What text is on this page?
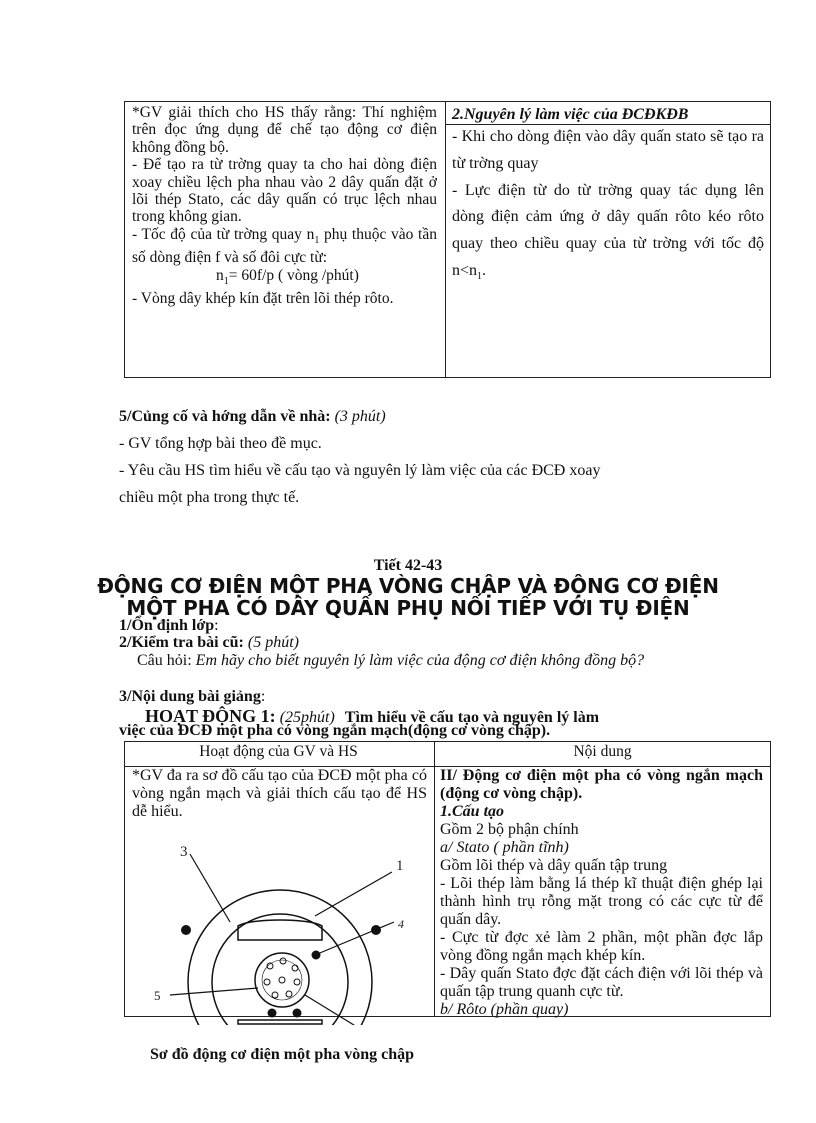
*GV giải thích cho HS thấy rằng: Thí nghiệm trên đọc ứng dụng để chế tạo động cơ điện không đồng bộ.

- Để tạo ra từ trờng quay ta cho hai dòng điện xoay chiều lệch pha nhau vào 2 dây quấn đặt ở lõi thép Stato, các dây quấn có trục lệch nhau trong không gian.

- Tốc độ của từ trờng quay $n_1$ phụ thuộc vào tần số dòng điện f và số đôi cực từ:

$n_1= 60f/p$ ( vòng /phút)

- Vòng dây khép kín đặt trên lõi thép rôto.

2.Nguyên lý làm việc của ĐCĐKĐB

- Khi cho dòng điện vào dây quấn stato sẽ tạo ra từ trờng quay

- Lực điện từ do từ trờng quay tác dụng lên dòng điện cảm ứng ở dây quấn rôto kéo rôto quay theo chiều quay của từ trờng với tốc độ $n<n_1$.

5/Củng cố và hớng dẫn về nhà: (3 phút)
- GV tổng hợp bài theo đề mục.
- Yêu cầu HS tìm hiểu về cấu tạo và nguyên lý làm việc của các ĐCĐ xoay
chiều một pha trong thực tế.
Tiết 42-43
ĐỘNG CƠ ĐIỆN MỘT PHA VÒNG CHẬP VÀ ĐỘNG CƠ ĐIỆN
MỘT PHA CÓ DÂY QUẤN PHỤ NỐI TIẾP VỚI TỤ ĐIỆN
1/Ổn định lớp:
2/Kiểm tra bài cũ: (5 phút)
Câu hỏi: Em hãy cho biết nguyên lý làm việc của động cơ điện không đồng bộ?
3/Nội dung bài giảng:
HOẠT ĐỘNG 1: (25phút) Tìm hiểu về cấu tạo và nguyên lý làm
việc của ĐCĐ một pha có vòng ngắn mạch(động cơ vòng chập).
Hoạt động của GV và HS	Nội dung
*GV đa ra sơ đồ cấu tạo của ĐCĐ một pha có vòng ngắn mạch và giải thích cấu tạo để HS dễ hiểu.
1
4
3
5
Sơ đồ động cơ điện một pha vòng chập
II/ Động cơ điện một pha có vòng ngắn mạch (động cơ vòng chập).
1.Cấu tạo
Gồm 2 bộ phận chính
a/ Stato ( phần tĩnh)
Gồm lõi thép và dây quấn tập trung
- Lõi thép làm bằng lá thép kĩ thuật điện ghép lại thành hình trụ rỗng mặt trong có các cực từ để quấn dây.
- Cực từ đợc xẻ làm 2 phần, một phần đợc lắp vòng đồng ngắn mạch khép kín.
- Dây quấn Stato đợc đặt cách điện với lõi thép và quấn tập trung quanh cực từ.
b/ Rôto (phần quay)
